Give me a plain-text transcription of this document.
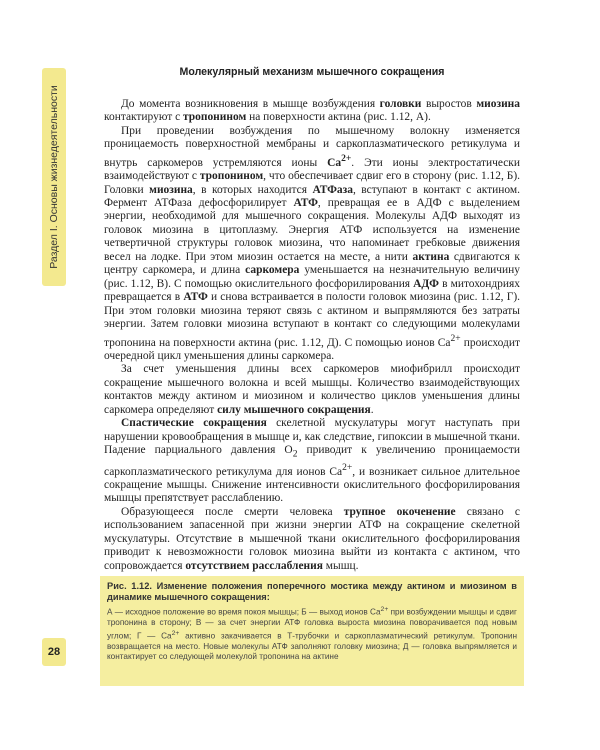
Раздел I. Основы жизнедеятельности
28
Молекулярный механизм мышечного сокращения

До момента возникновения в мышце возбуждения головки выростов миозина контактируют с тропонином на поверхности актина (рис. 1.12, А).

При проведении возбуждения по мышечному волокну изменяется проницаемость поверхностной мембраны и саркоплазматического ретикулума и внутрь саркомеров устремляются ионы $Ca^{2+}$. Эти ионы электростатически взаимодействуют с тропонином, что обеспечивает сдвиг его в сторону (рис. 1.12, Б). Головки миозина, в которых находится АТФаза, вступают в контакт с актином. Фермент АТФаза дефосфорилирует АТФ, превращая ее в АДФ с выделением энергии, необходимой для мышечного сокращения. Молекулы АДФ выходят из головок миозина в цитоплазму. Энергия АТФ используется на изменение четвертичной структуры головок миозина, что напоминает гребковые движения весел на лодке. При этом миозин остается на месте, а нити актина сдвигаются к центру саркомера, и длина саркомера уменьшается на незначительную величину (рис. 1.12, В). С помощью окислительного фосфорилирования АДФ в митохондриях превращается в АТФ и снова встраивается в полости головок миозина (рис. 1.12, Г). При этом головки миозина теряют связь с актином и выпрямляются без затраты энергии. Затем головки миозина вступают в контакт со следующими молекулами тропонина на поверхности актина (рис. 1.12, Д). С помощью ионов $Ca^{2+}$ происходит очередной цикл уменьшения длины саркомера.

За счет уменьшения длины всех саркомеров миофибрилл происходит сокращение мышечного волокна и всей мышцы. Количество взаимодействующих контактов между актином и миозином и количество циклов уменьшения длины саркомера определяют силу мышечного сокращения.

Спастические сокращения скелетной мускулатуры могут наступать при нарушении кровообращения в мышце и, как следствие, гипоксии в мышечной ткани. Падение парциального давления $O_2$ приводит к увеличению проницаемости саркоплазматического ретикулума для ионов $Ca^{2+}$, и возникает сильное длительное сокращение мышцы. Снижение интенсивности окислительного фосфорилирования мышцы препятствует расслаблению.

Образующееся после смерти человека трупное окоченение связано с использованием запасенной при жизни энергии АТФ на сокращение скелетной мускулатуры. Отсутствие в мышечной ткани окислительного фосфорилирования приводит к невозможности головок миозина выйти из контакта с актином, что сопровождается отсутствием расслабления мышц.

Рис. 1.12. Изменение положения поперечного мостика между актином и миозином в динамике мышечного сокращения:
А — исходное положение во время покоя мышцы; Б — выход ионов $Ca^{2+}$ при возбуждении мышцы и сдвиг тропонина в сторону; В — за счет энергии АТФ головка выроста миозина поворачивается под новым углом; Г — $Ca^{2+}$ активно закачивается в Т-трубочки и саркоплазматический ретикулум. Тропонин возвращается на место. Новые молекулы АТФ заполняют головку миозина; Д — головка выпрямляется и контактирует со следующей молекулой тропонина на актине
